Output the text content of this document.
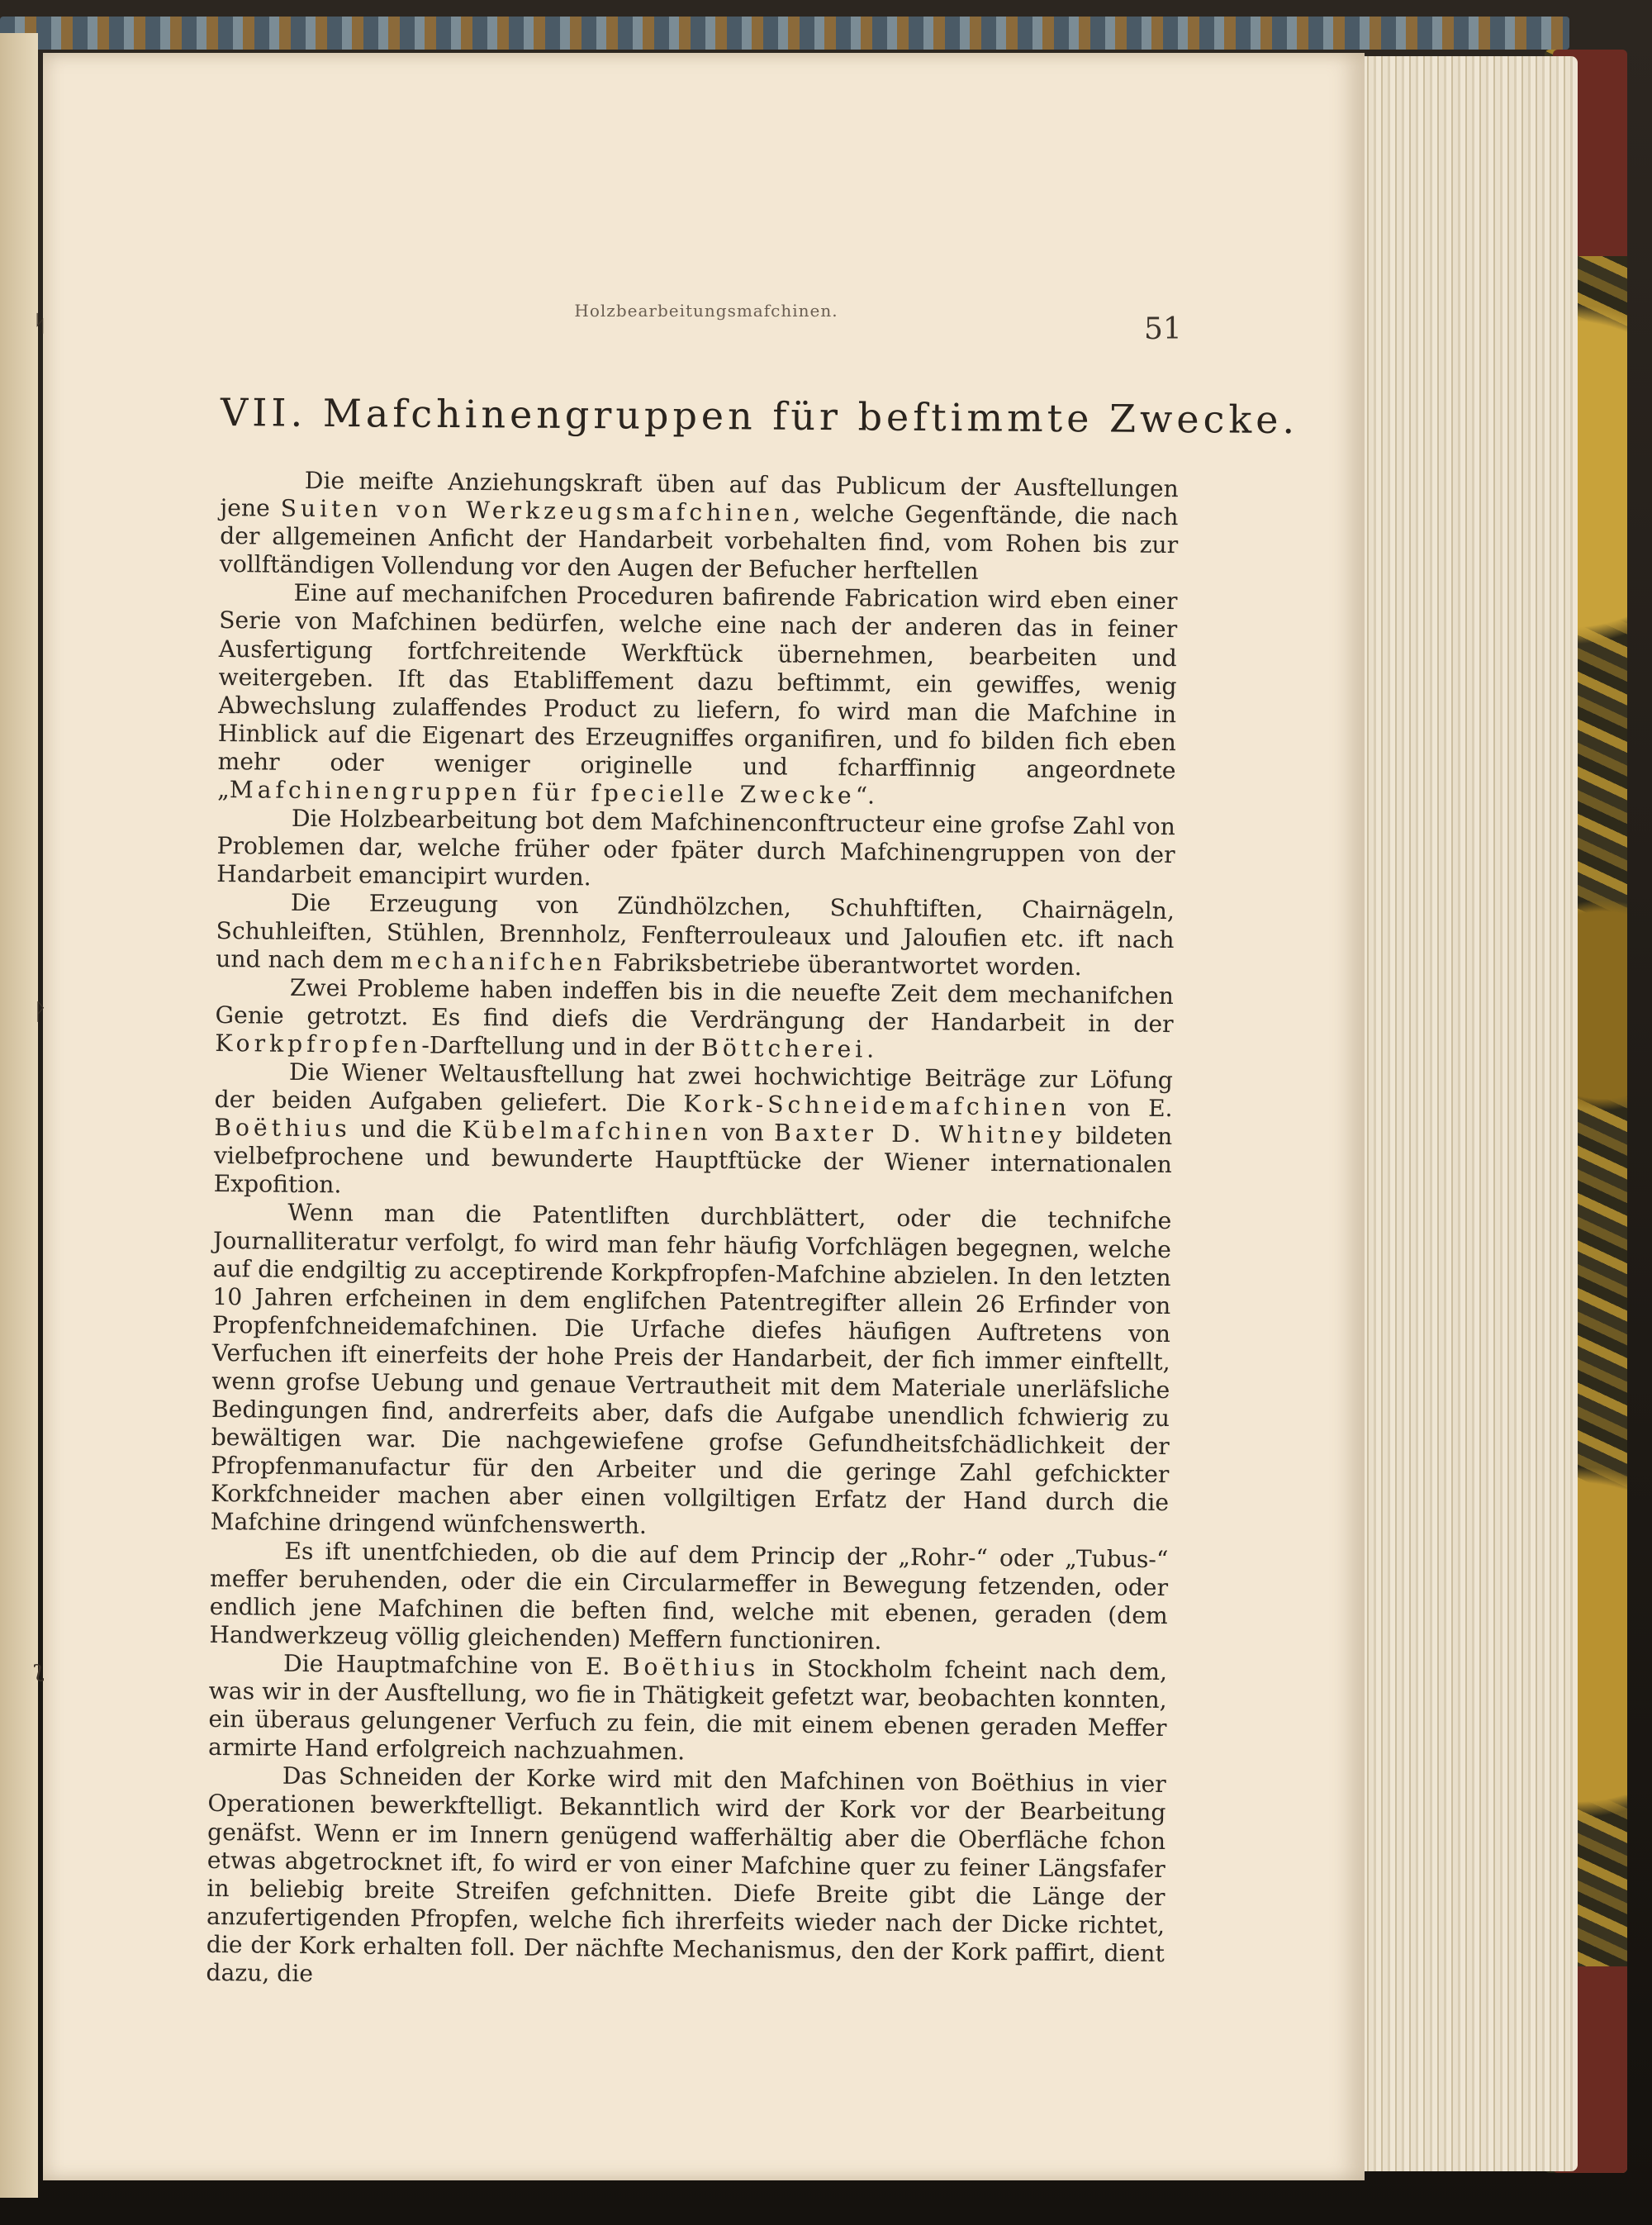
Holzbearbeitungsmafchinen.
51
VII. Mafchinengruppen für beftimmte Zwecke.

Die meifte Anziehungskraft üben auf das Publicum der Ausftellungen jene Suiten von Werkzeugsmafchinen, welche Gegenftände, die nach der allgemeinen Anficht der Handarbeit vorbehalten find, vom Rohen bis zur vollftändigen Vollendung vor den Augen der Befucher herftellen

Eine auf mechanifchen Proceduren bafirende Fabrication wird eben einer Serie von Mafchinen bedürfen, welche eine nach der anderen das in feiner Ausfertigung fortfchreitende Werkftück übernehmen, bearbeiten und weitergeben. Ift das Etabliffement dazu beftimmt, ein gewiffes, wenig Abwechslung zulaffendes Product zu liefern, fo wird man die Mafchine in Hinblick auf die Eigenart des Erzeugniffes organifiren, und fo bilden fich eben mehr oder weniger originelle und fcharffinnig angeordnete „Mafchinengruppen für fpecielle Zwecke“.

Die Holzbearbeitung bot dem Mafchinenconftructeur eine grofse Zahl von Problemen dar, welche früher oder fpäter durch Mafchinengruppen von der Handarbeit emancipirt wurden.

Die Erzeugung von Zündhölzchen, Schuhftiften, Chairnägeln, Schuhleiften, Stühlen, Brennholz, Fenfterrouleaux und Jaloufien etc. ift nach und nach dem mechanifchen Fabriksbetriebe überantwortet worden.

Zwei Probleme haben indeffen bis in die neuefte Zeit dem mechanifchen Genie getrotzt. Es find diefs die Verdrängung der Handarbeit in der Korkpfropfen-Darftellung und in der Böttcherei.

Die Wiener Weltausftellung hat zwei hochwichtige Beiträge zur Löfung der beiden Aufgaben geliefert. Die Kork-Schneidemafchinen von E. Boëthius und die Kübelmafchinen von Baxter D. Whitney bildeten vielbefprochene und bewunderte Hauptftücke der Wiener internationalen Expofition.

Wenn man die Patentliften durchblättert, oder die technifche Journalliteratur verfolgt, fo wird man fehr häufig Vorfchlägen begegnen, welche auf die endgiltig zu acceptirende Korkpfropfen-Mafchine abzielen. In den letzten 10 Jahren erfcheinen in dem englifchen Patentregifter allein 26 Erfinder von Propfenfchneidemafchinen. Die Urfache diefes häufigen Auftretens von Verfuchen ift einerfeits der hohe Preis der Handarbeit, der fich immer einftellt, wenn grofse Uebung und genaue Vertrautheit mit dem Materiale unerläfsliche Bedingungen find, andrerfeits aber, dafs die Aufgabe unendlich fchwierig zu bewältigen war. Die nachgewiefene grofse Gefundheitsfchädlichkeit der Pfropfenmanufactur für den Arbeiter und die geringe Zahl gefchickter Korkfchneider machen aber einen vollgiltigen Erfatz der Hand durch die Mafchine dringend wünfchenswerth.

Es ift unentfchieden, ob die auf dem Princip der „Rohr-“ oder „Tubus-“ meffer beruhenden, oder die ein Circularmeffer in Bewegung fetzenden, oder endlich jene Mafchinen die beften find, welche mit ebenen, geraden (dem Handwerkzeug völlig gleichenden) Meffern functioniren.

Die Hauptmafchine von E. Boëthius in Stockholm fcheint nach dem, was wir in der Ausftellung, wo fie in Thätigkeit gefetzt war, beobachten konnten, ein überaus gelungener Verfuch zu fein, die mit einem ebenen geraden Meffer armirte Hand erfolgreich nachzuahmen.

Das Schneiden der Korke wird mit den Mafchinen von Boëthius in vier Operationen bewerkftelligt. Bekanntlich wird der Kork vor der Bearbeitung genäfst. Wenn er im Innern genügend wafferhältig aber die Oberfläche fchon etwas abgetrocknet ift, fo wird er von einer Mafchine quer zu feiner Längsfafer in beliebig breite Streifen gefchnitten. Diefe Breite gibt die Länge der anzufertigenden Pfropfen, welche fich ihrerfeits wieder nach der Dicke richtet, die der Kork erhalten foll. Der nächfte Mechanismus, den der Kork paffirt, dient dazu, die

ᛋ
ᚹ
ʅ
